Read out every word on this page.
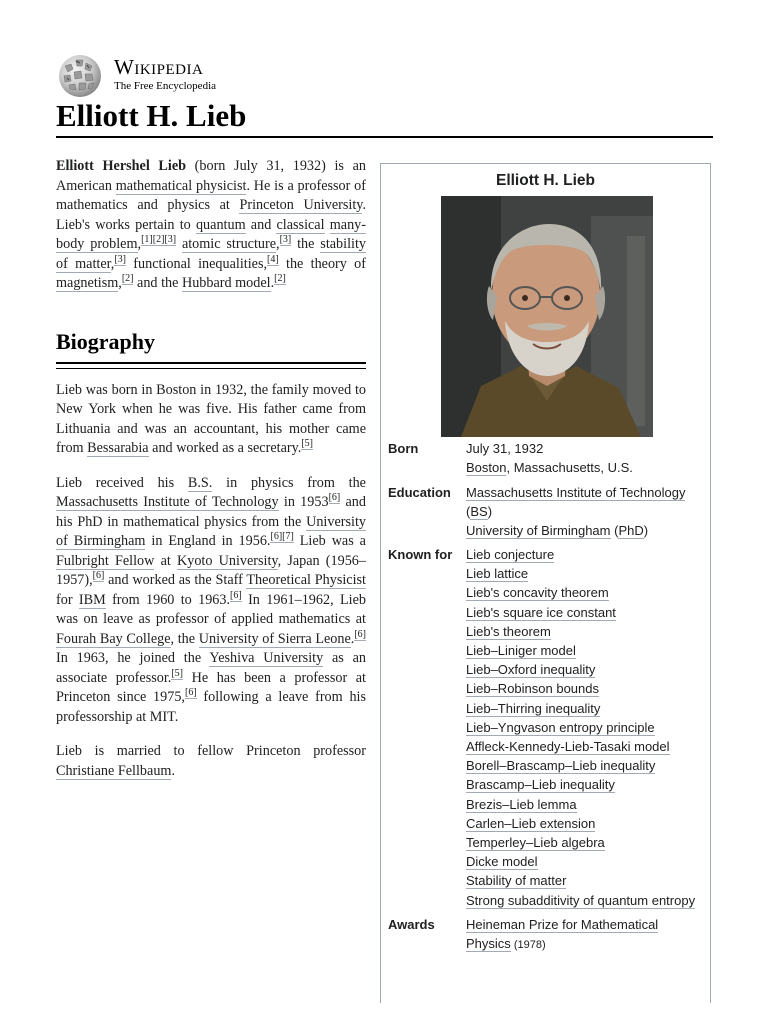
Wikipedia
The Free Encyclopedia
Elliott H. Lieb

Elliott Hershel Lieb (born July 31, 1932) is an American mathematical physicist. He is a professor of mathematics and physics at Princeton University. Lieb's works pertain to quantum and classical many-body problem,[1][2][3] atomic structure,[3] the stability of matter,[3] functional inequalities,[4] the theory of magnetism,[2] and the Hubbard model.[2]

Biography

Lieb was born in Boston in 1932, the family moved to New York when he was five. His father came from Lithuania and was an accountant, his mother came from Bessarabia and worked as a secretary.[5]

Lieb received his B.S. in physics from the Massachusetts Institute of Technology in 1953[6] and his PhD in mathematical physics from the University of Birmingham in England in 1956.[6][7] Lieb was a Fulbright Fellow at Kyoto University, Japan (1956–1957),[6] and worked as the Staff Theoretical Physicist for IBM from 1960 to 1963.[6] In 1961–1962, Lieb was on leave as professor of applied mathematics at Fourah Bay College, the University of Sierra Leone.[6] In 1963, he joined the Yeshiva University as an associate professor.[5] He has been a professor at Princeton since 1975,[6] following a leave from his professorship at MIT.

Lieb is married to fellow Princeton professor Christiane Fellbaum.

Elliott H. Lieb
Born	July 31, 1932
Boston, Massachusetts, U.S.
Education	Massachusetts Institute of Technology
(BS)
University of Birmingham (PhD)
Known for	Lieb conjecture
Lieb lattice
Lieb's concavity theorem
Lieb's square ice constant
Lieb's theorem
Lieb–Liniger model
Lieb–Oxford inequality
Lieb–Robinson bounds
Lieb–Thirring inequality
Lieb–Yngvason entropy principle
Affleck-Kennedy-Lieb-Tasaki model
Borell–Brascamp–Lieb inequality
Brascamp–Lieb inequality
Brezis–Lieb lemma
Carlen–Lieb extension
Temperley–Lieb algebra
Dicke model
Stability of matter
Strong subadditivity of quantum entropy
Awards	Heineman Prize for Mathematical
Physics (1978)
